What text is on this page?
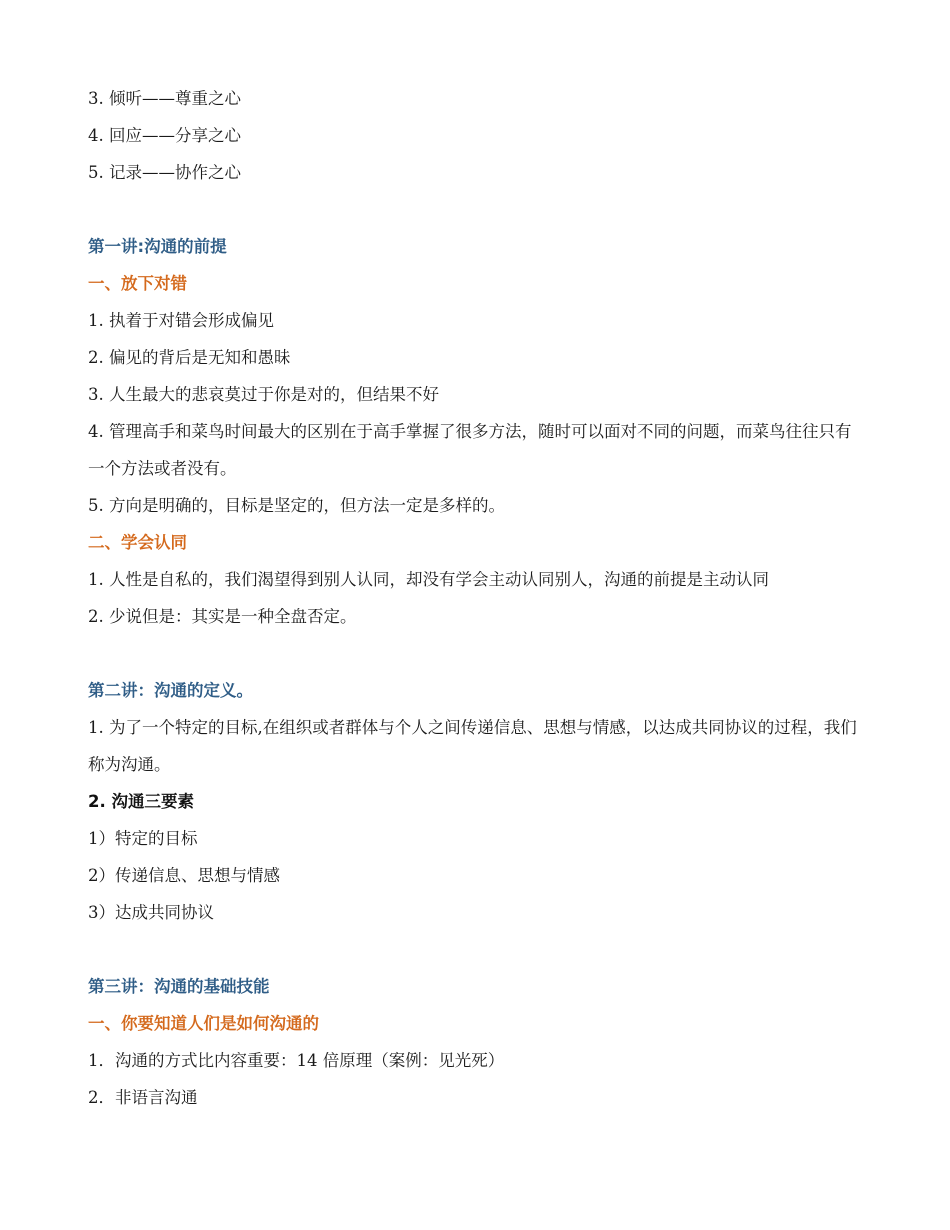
3. 倾听——尊重之心

4. 回应——分享之心

5. 记录——协作之心

第一讲:沟通的前提

一、放下对错

1. 执着于对错会形成偏见

2. 偏见的背后是无知和愚昧

3. 人生最大的悲哀莫过于你是对的，但结果不好

4. 管理高手和菜鸟时间最大的区别在于高手掌握了很多方法，随时可以面对不同的问题，而菜鸟往往只有一个方法或者没有。

5. 方向是明确的，目标是坚定的，但方法一定是多样的。

二、学会认同

1. 人性是自私的，我们渴望得到别人认同，却没有学会主动认同别人，沟通的前提是主动认同

2. 少说但是：其实是一种全盘否定。

第二讲：沟通的定义。

1. 为了一个特定的目标,在组织或者群体与个人之间传递信息、思想与情感，以达成共同协议的过程，我们称为沟通。

2. 沟通三要素

1）特定的目标

2）传递信息、思想与情感

3）达成共同协议

第三讲：沟通的基础技能

一、你要知道人们是如何沟通的

1．沟通的方式比内容重要：14 倍原理（案例：见光死）

2．非语言沟通
